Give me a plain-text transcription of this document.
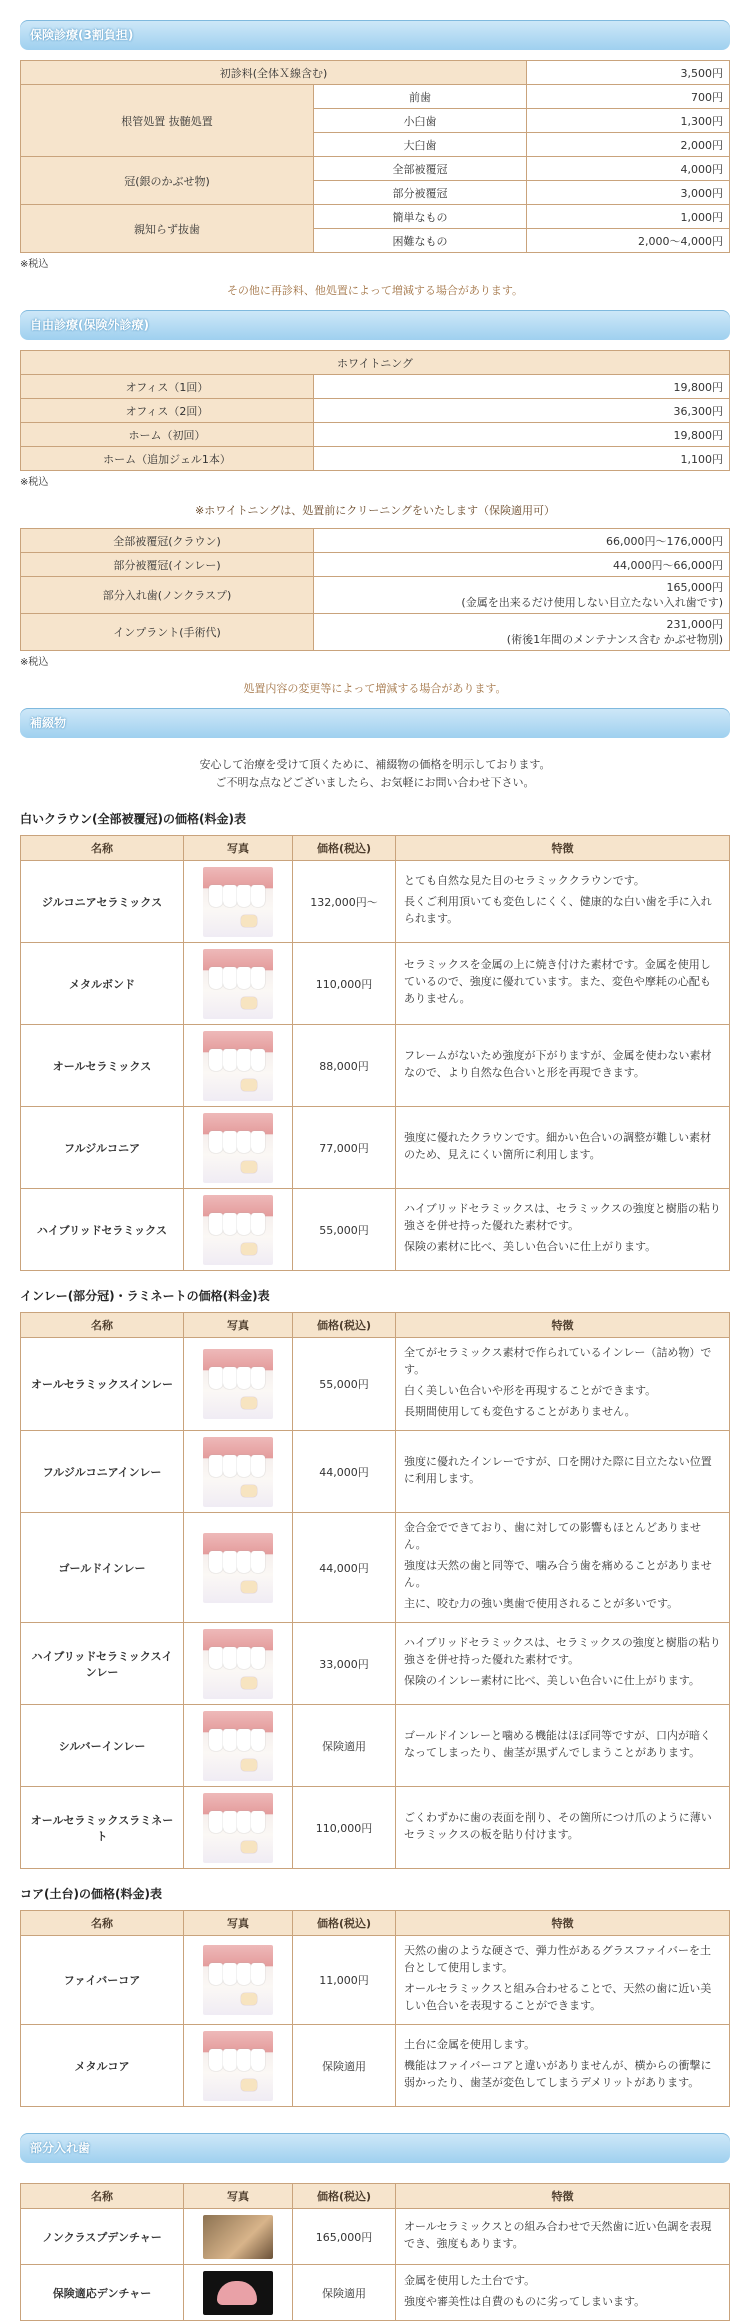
保険診療(3割負担)
初診料(全体Ｘ線含む)		3,500円
根管処置 抜髄処置	前歯	700円
	小臼歯	1,300円
	大臼歯	2,000円
冠(銀のかぶせ物)	全部被覆冠	4,000円
	部分被覆冠	3,000円
親知らず抜歯	簡単なもの	1,000円
	困難なもの	2,000〜4,000円
※税込
その他に再診料、他処置によって増減する場合があります。
自由診療(保険外診療)
ホワイトニング	
オフィス（1回）	19,800円
オフィス（2回）	36,300円
ホーム（初回）	19,800円
ホーム（追加ジェル1本）	1,100円
※税込
※ホワイトニングは、処置前にクリーニングをいたします（保険適用可）
全部被覆冠(クラウン)	66,000円〜176,000円
部分被覆冠(インレー)	44,000円〜66,000円
部分入れ歯(ノンクラスプ)	165,000円
(金属を出来るだけ使用しない目立たない入れ歯です)
インプラント(手術代)	231,000円
(術後1年間のメンテナンス含む かぶせ物別)
※税込
処置内容の変更等によって増減する場合があります。
補綴物
安心して治療を受けて頂くために、補綴物の価格を明示しております。
ご不明な点などございましたら、お気軽にお問い合わせ下さい。
白いクラウン(全部被覆冠)の価格(料金)表
名称	写真	価格(税込)	特徴
ジルコニアセラミックス		132,000円〜	とても自然な見た目のセラミッククラウンです。

長くご利用頂いても変色しにくく、健康的な白い歯を手に入れられます。

メタルボンド		110,000円	セラミックスを金属の上に焼き付けた素材です。金属を使用しているので、強度に優れています。また、変色や摩耗の心配もありません。

オールセラミックス		88,000円	フレームがないため強度が下がりますが、金属を使わない素材なので、より自然な色合いと形を再現できます。

フルジルコニア		77,000円	強度に優れたクラウンです。細かい色合いの調整が難しい素材のため、見えにくい箇所に利用します。

ハイブリッドセラミックス		55,000円	ハイブリッドセラミックスは、セラミックスの強度と樹脂の粘り強さを併せ持った優れた素材です。

保険の素材に比べ、美しい色合いに仕上がります。

インレー(部分冠)・ラミネートの価格(料金)表
名称	写真	価格(税込)	特徴
オールセラミックスインレー		55,000円	全てがセラミックス素材で作られているインレー（詰め物）です。

白く美しい色合いや形を再現することができます。

長期間使用しても変色することがありません。

フルジルコニアインレー		44,000円	強度に優れたインレーですが、口を開けた際に目立たない位置に利用します。

ゴールドインレー		44,000円	金合金でできており、歯に対しての影響もほとんどありません。

強度は天然の歯と同等で、噛み合う歯を痛めることがありません。

主に、咬む力の強い奥歯で使用されることが多いです。

ハイブリッドセラミックスインレー		33,000円	ハイブリッドセラミックスは、セラミックスの強度と樹脂の粘り強さを併せ持った優れた素材です。

保険のインレー素材に比べ、美しい色合いに仕上がります。

シルバーインレー		保険適用	ゴールドインレーと噛める機能はほぼ同等ですが、口内が暗くなってしまったり、歯茎が黒ずんでしまうことがあります。

オールセラミックスラミネート		110,000円	ごくわずかに歯の表面を削り、その箇所につけ爪のように薄いセラミックスの板を貼り付けます。

コア(土台)の価格(料金)表
名称	写真	価格(税込)	特徴
ファイバーコア		11,000円	天然の歯のような硬さで、弾力性があるグラスファイバーを土台として使用します。

オールセラミックスと組み合わせることで、天然の歯に近い美しい色合いを表現することができます。

メタルコア		保険適用	土台に金属を使用します。

機能はファイバーコアと違いがありませんが、横からの衝撃に弱かったり、歯茎が変色してしまうデメリットがあります。

部分入れ歯
名称	写真	価格(税込)	特徴
ノンクラスプデンチャー		165,000円	オールセラミックスとの組み合わせで天然歯に近い色調を表現でき、強度もあります。

保険適応デンチャー		保険適用	金属を使用した土台です。

強度や審美性は自費のものに劣ってしまいます。
